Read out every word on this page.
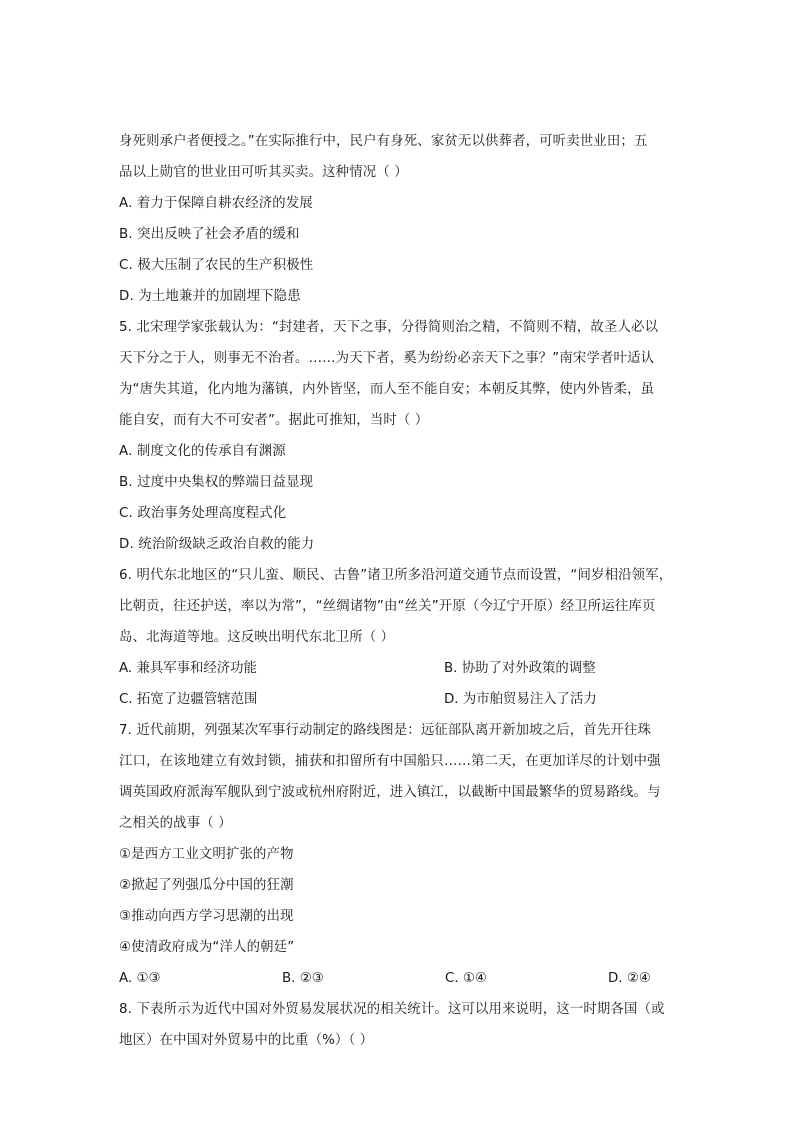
身死则承户者便授之。”在实际推行中，民户有身死、家贫无以供葬者，可听卖世业田；五
品以上勋官的世业田可听其买卖。这种情况（ ）
A. 着力于保障自耕农经济的发展
B. 突出反映了社会矛盾的缓和
C. 极大压制了农民的生产积极性
D. 为土地兼并的加剧埋下隐患
5. 北宋理学家张载认为：“封建者，天下之事，分得简则治之精，不简则不精，故圣人必以
天下分之于人，则事无不治者。……为天下者，奚为纷纷必亲天下之事？”南宋学者叶适认
为“唐失其道，化内地为藩镇，内外皆坚，而人至不能自安；本朝反其弊，使内外皆柔，虽
能自安，而有大不可安者”。据此可推知，当时（ ）
A. 制度文化的传承自有渊源
B. 过度中央集权的弊端日益显现
C. 政治事务处理高度程式化
D. 统治阶级缺乏政治自救的能力
6. 明代东北地区的“只儿蛮、顺民、古鲁”诸卫所多沿河道交通节点而设置，“间岁相沿领军，
比朝贡，往还护送，率以为常”，“丝绸诸物”由“丝关”开原（今辽宁开原）经卫所运往库页
岛、北海道等地。这反映出明代东北卫所（ ）
A. 兼具军事和经济功能	B. 协助了对外政策的调整
C. 拓宽了边疆管辖范围	D. 为市舶贸易注入了活力
7. 近代前期，列强某次军事行动制定的路线图是：远征部队离开新加坡之后，首先开往珠
江口，在该地建立有效封锁，捕获和扣留所有中国船只……第二天，在更加详尽的计划中强
调英国政府派海军舰队到宁波或杭州府附近，进入镇江，以截断中国最繁华的贸易路线。与
之相关的战事（ ）
①是西方工业文明扩张的产物
②掀起了列强瓜分中国的狂潮
③推动向西方学习思潮的出现
④使清政府成为“洋人的朝廷”
A. ①③	B. ②③	C. ①④	D. ②④
8. 下表所示为近代中国对外贸易发展状况的相关统计。这可以用来说明，这一时期各国（或
地区）在中国对外贸易中的比重（%）（ ）
